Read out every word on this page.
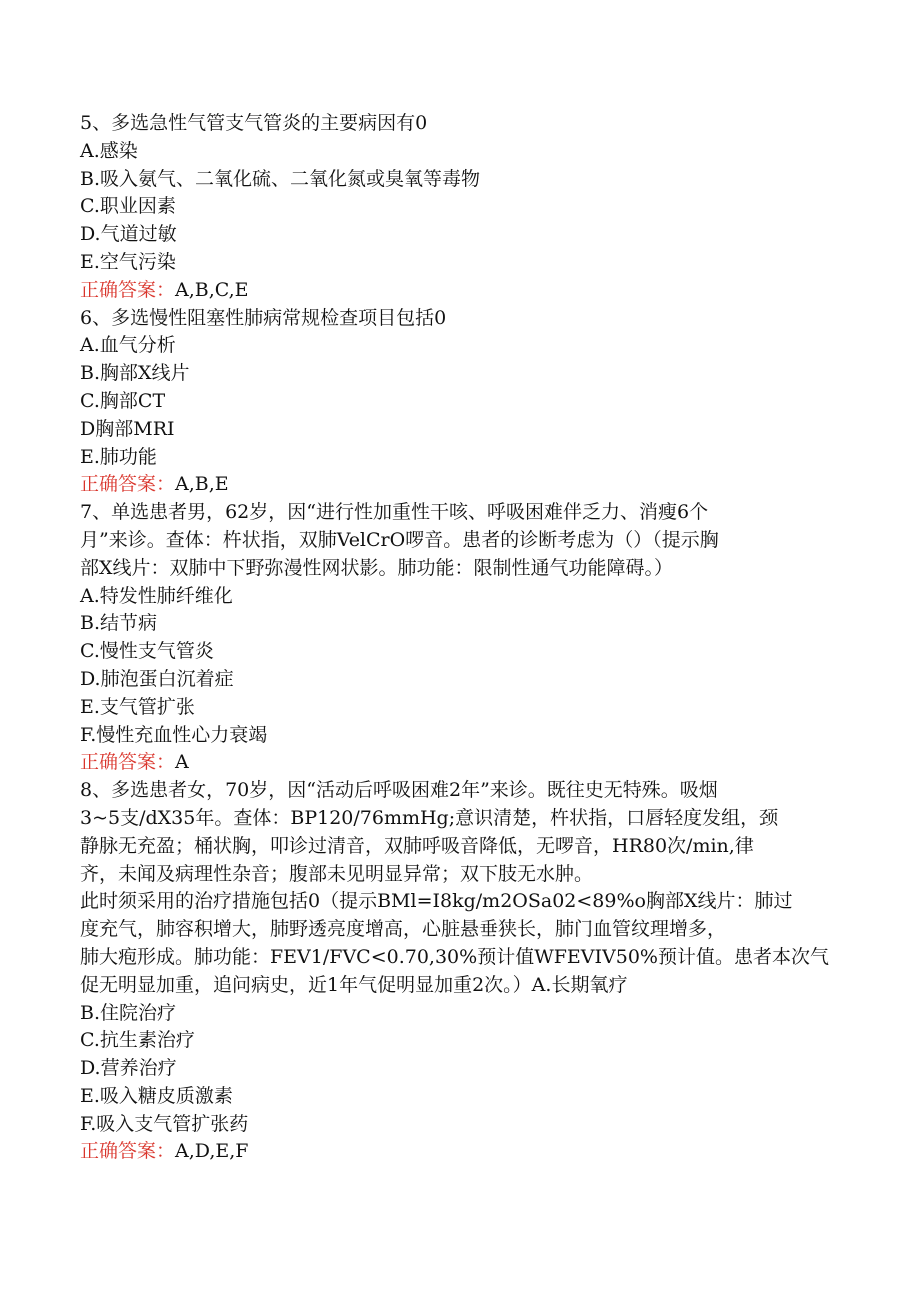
5、多选急性气管支气管炎的主要病因有0
A.感染
B.吸入氨气、二氧化硫、二氧化氮或臭氧等毒物
C.职业因素
D.气道过敏
E.空气污染
正确答案：A,B,C,E
6、多选慢性阻塞性肺病常规检查项目包括0
A.血气分析
B.胸部X线片
C.胸部CT
D胸部MRI
E.肺功能
正确答案：A,B,E
7、单选患者男，62岁，因“进行性加重性干咳、呼吸困难伴乏力、消瘦6个
月”来诊。查体：杵状指，双肺VelCrO啰音。患者的诊断考虑为（）（提示胸
部X线片：双肺中下野弥漫性网状影。肺功能：限制性通气功能障碍。）
A.特发性肺纤维化
B.结节病
C.慢性支气管炎
D.肺泡蛋白沉着症
E.支气管扩张
F.慢性充血性心力衰竭
正确答案：A
8、多选患者女，70岁，因“活动后呼吸困难2年”来诊。既往史无特殊。吸烟
3~5支/dX35年。查体：BP120/76mmHg;意识清楚，杵状指，口唇轻度发组，颈
静脉无充盈；桶状胸，叩诊过清音，双肺呼吸音降低，无啰音，HR80次/min,律
齐，未闻及病理性杂音；腹部未见明显异常；双下肢无水肿。
此时须采用的治疗措施包括0（提示BMl=I8kg/m2OSa02<89%o胸部X线片：肺过
度充气，肺容积增大，肺野透亮度增高，心脏悬垂狭长，肺门血管纹理增多，
肺大疱形成。肺功能：FEV1/FVC<0.70,30%预计值WFEVIV50%预计值。患者本次气
促无明显加重，追问病史，近1年气促明显加重2次。）A.长期氧疗
B.住院治疗
C.抗生素治疗
D.营养治疗
E.吸入糖皮质激素
F.吸入支气管扩张药
正确答案：A,D,E,F
